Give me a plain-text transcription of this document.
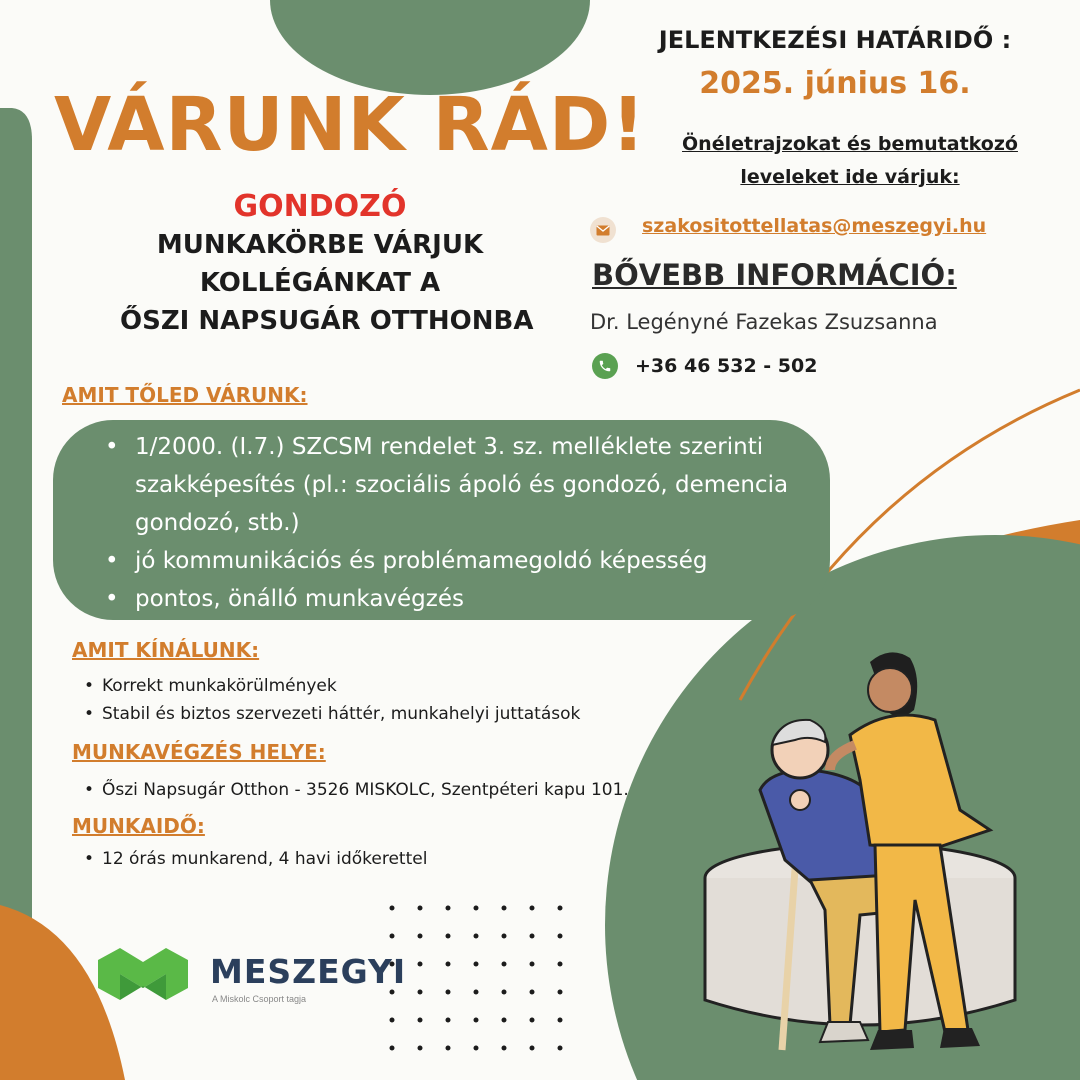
VÁRUNK RÁD!
GONDOZÓ
MUNKAKÖRBE VÁRJUK
KOLLÉGÁNKAT A
ŐSZI NAPSUGÁR OTTHONBA
JELENTKEZÉSI HATÁRIDŐ :
2025. június 16.
Önéletrajzokat és bemutatkozó
leveleket ide várjuk:
szakositottellatas@meszegyi.hu
BŐVEBB INFORMÁCIÓ:
Dr. Legényné Fazekas Zsuzsanna
+36 46 532 - 502
AMIT TŐLED VÁRUNK:
• 1/2000. (I.7.) SZCSM rendelet 3. sz. melléklete szerinti szakképesítés (pl.: szociális ápoló és gondozó, demencia gondozó, stb.)
• jó kommunikációs és problémamegoldó képesség
• pontos, önálló munkavégzés
AMIT KÍNÁLUNK:
• Korrekt munkakörülmények
• Stabil és biztos szervezeti háttér, munkahelyi juttatások
MUNKAVÉGZÉS HELYE:
• Őszi Napsugár Otthon - 3526 MISKOLC, Szentpéteri kapu 101.
MUNKAIDŐ:
• 12 órás munkarend, 4 havi időkerettel
MESZEGYI
A Miskolc Csoport tagja
